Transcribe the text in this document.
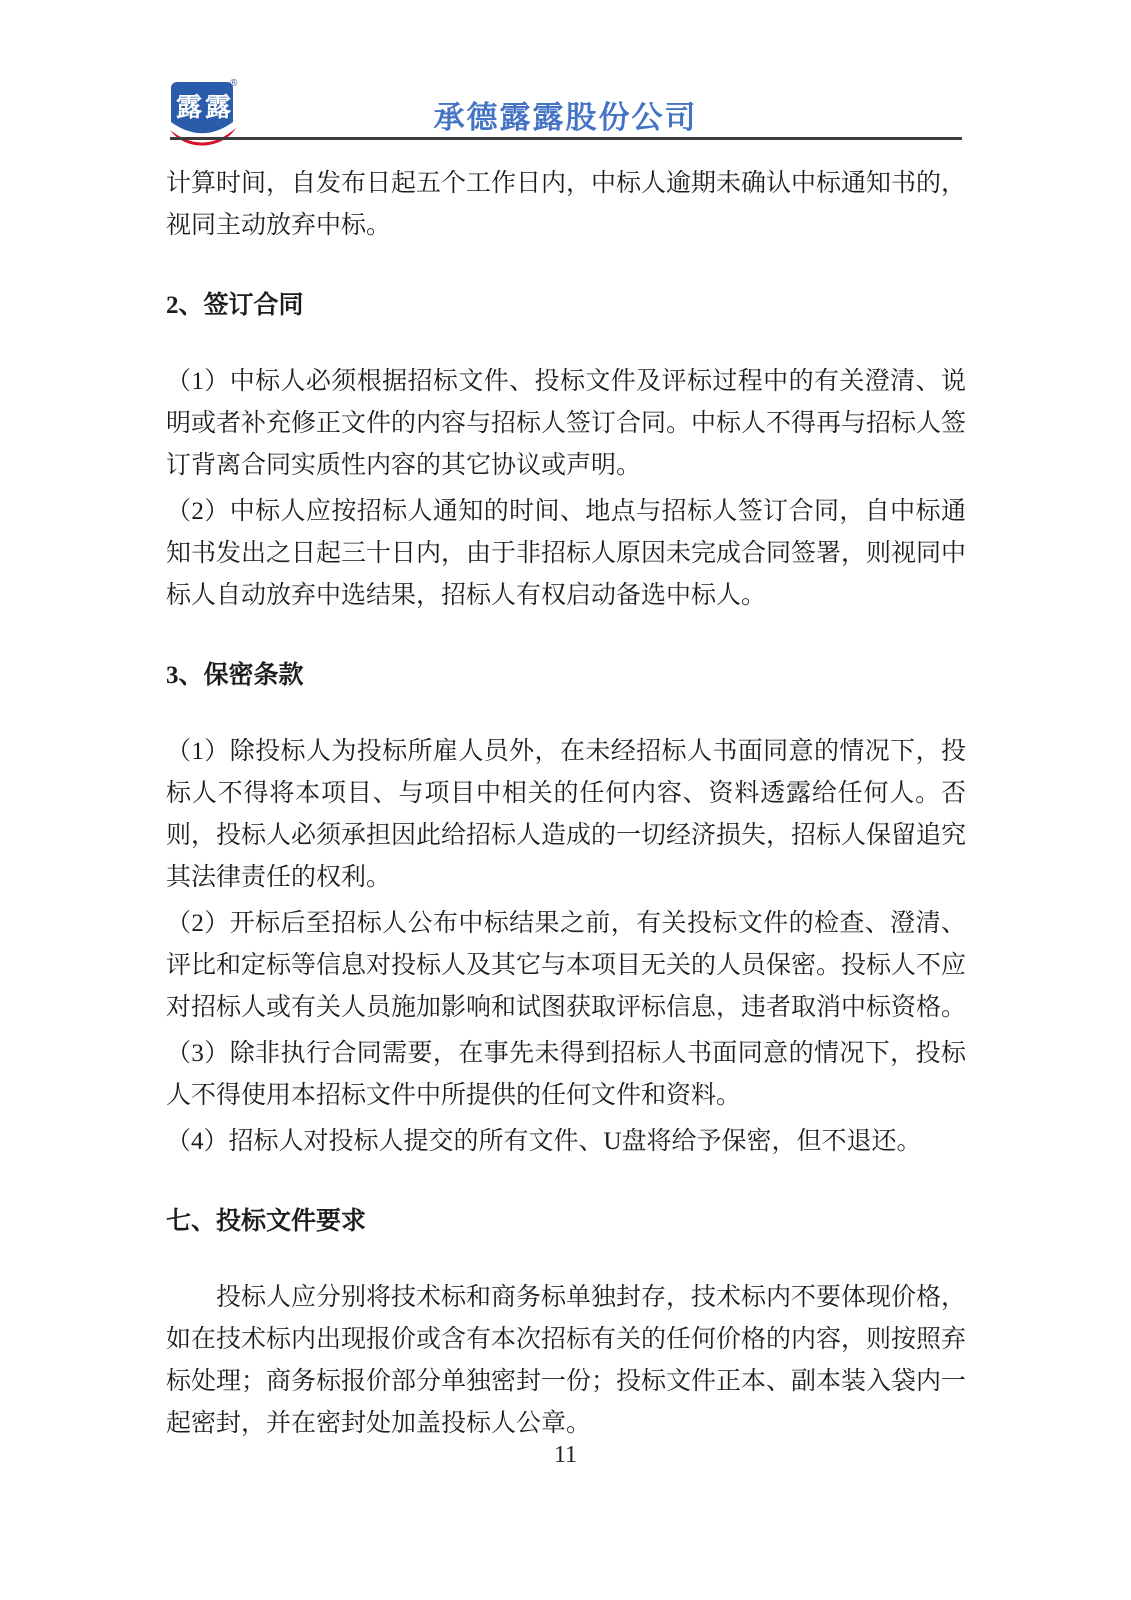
露露
®
承德露露股份公司

计算时间，自发布日起五个工作日内，中标人逾期未确认中标通知书的，视同主动放弃中标。

2、签订合同

（1）中标人必须根据招标文件、投标文件及评标过程中的有关澄清、说明或者补充修正文件的内容与招标人签订合同。中标人不得再与招标人签订背离合同实质性内容的其它协议或声明。

（2）中标人应按招标人通知的时间、地点与招标人签订合同，自中标通知书发出之日起三十日内，由于非招标人原因未完成合同签署，则视同中标人自动放弃中选结果，招标人有权启动备选中标人。

3、保密条款

（1）除投标人为投标所雇人员外，在未经招标人书面同意的情况下，投标人不得将本项目、与项目中相关的任何内容、资料透露给任何人。否则，投标人必须承担因此给招标人造成的一切经济损失，招标人保留追究其法律责任的权利。

（2）开标后至招标人公布中标结果之前，有关投标文件的检查、澄清、评比和定标等信息对投标人及其它与本项目无关的人员保密。投标人不应对招标人或有关人员施加影响和试图获取评标信息，违者取消中标资格。

（3）除非执行合同需要，在事先未得到招标人书面同意的情况下，投标人不得使用本招标文件中所提供的任何文件和资料。

（4）招标人对投标人提交的所有文件、U盘将给予保密，但不退还。

七、投标文件要求

投标人应分别将技术标和商务标单独封存，技术标内不要体现价格，如在技术标内出现报价或含有本次招标有关的任何价格的内容，则按照弃标处理；商务标报价部分单独密封一份；投标文件正本、副本装入袋内一起密封，并在密封处加盖投标人公章。

11
